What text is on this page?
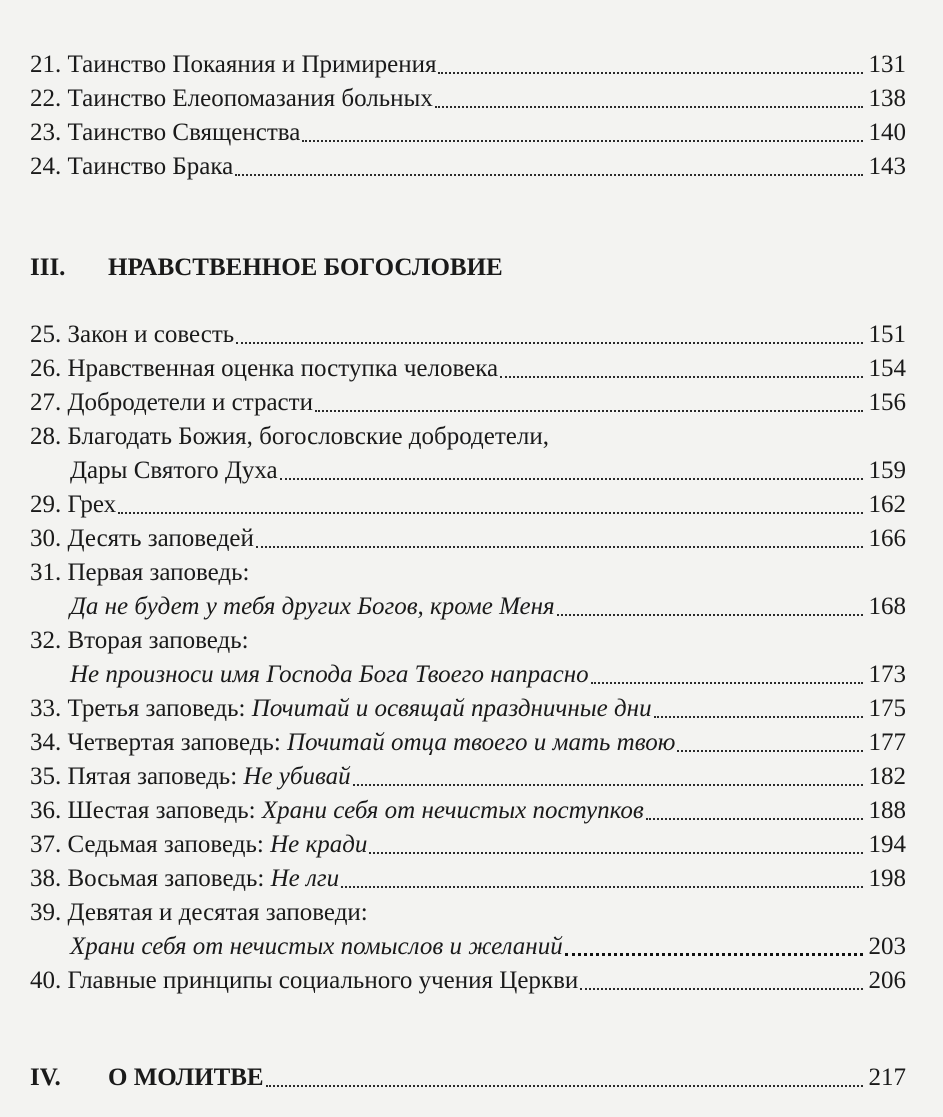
21. Таинство Покаяния и Примирения	131
22. Таинство Елеопомазания больных	138
23. Таинство Священства	140
24. Таинство Брака	143
III.	НРАВСТВЕННОЕ БОГОСЛОВИЕ
25. Закон и совесть	151
26. Нравственная оценка поступка человека	154
27. Добродетели и страсти	156
28. Благодать Божия, богословские добродетели,
Дары Святого Духа	159
29. Грех	162
30. Десять заповедей	166
31. Первая заповедь:
Да не будет у тебя других Богов, кроме Меня	168
32. Вторая заповедь:
Не произноси имя Господа Бога Твоего напрасно	173
33. Третья заповедь: Почитай и освящай праздничные дни	175
34. Четвертая заповедь: Почитай отца твоего и мать твою	177
35. Пятая заповедь: Не убивай	182
36. Шестая заповедь: Храни себя от нечистых поступков	188
37. Седьмая заповедь: Не кради	194
38. Восьмая заповедь: Не лги	198
39. Девятая и десятая заповеди:
Храни себя от нечистых помыслов и желаний	203
40. Главные принципы социального учения Церкви	206
IV.	О МОЛИТВЕ	217
